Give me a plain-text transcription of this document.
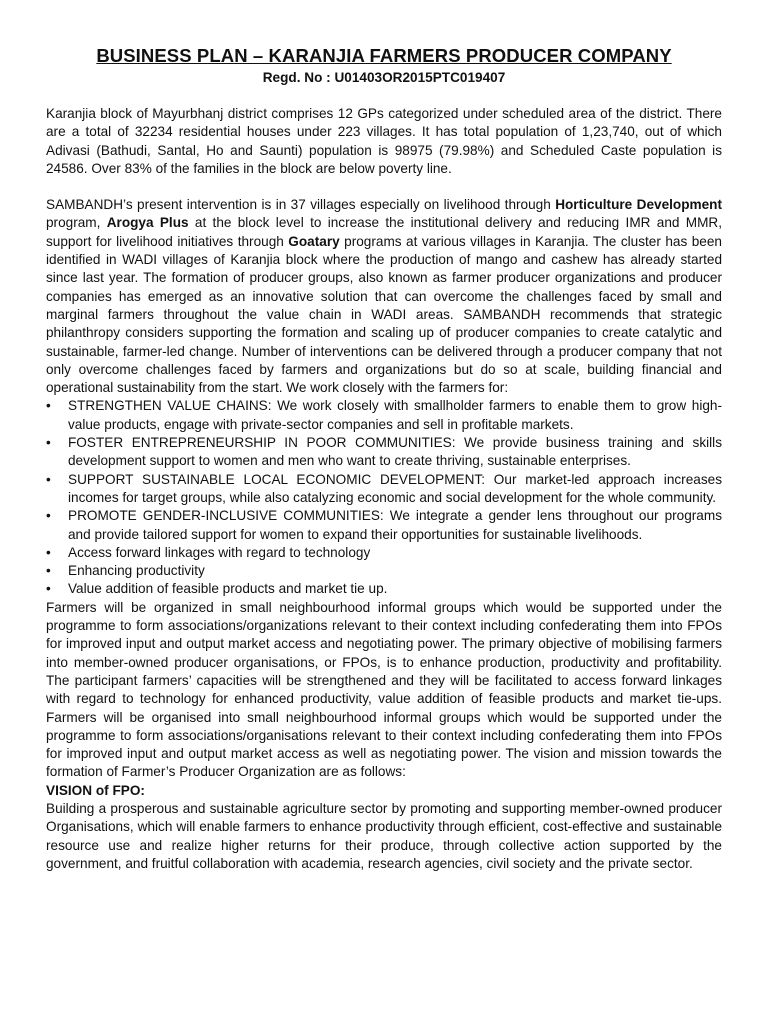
BUSINESS PLAN – KARANJIA FARMERS PRODUCER COMPANY
Regd. No : U01403OR2015PTC019407

Karanjia block of Mayurbhanj district comprises 12 GPs categorized under scheduled area of the district. There are a total of 32234 residential houses under 223 villages. It has total population of 1,23,740, out of which Adivasi (Bathudi, Santal, Ho and Saunti) population is 98975 (79.98%) and Scheduled Caste population is 24586. Over 83% of the families in the block are below poverty line.

SAMBANDH’s present intervention is in 37 villages especially on livelihood through Horticulture Development program, Arogya Plus at the block level to increase the institutional delivery and reducing IMR and MMR, support for livelihood initiatives through Goatary programs at various villages in Karanjia. The cluster has been identified in WADI villages of Karanjia block where the production of mango and cashew has already started since last year. The formation of producer groups, also known as farmer producer organizations and producer companies has emerged as an innovative solution that can overcome the challenges faced by small and marginal farmers throughout the value chain in WADI areas. SAMBANDH recommends that strategic philanthropy considers supporting the formation and scaling up of producer companies to create catalytic and sustainable, farmer-led change. Number of interventions can be delivered through a producer company that not only overcome challenges faced by farmers and organizations but do so at scale, building financial and operational sustainability from the start. We work closely with the farmers for:

•	STRENGTHEN VALUE CHAINS: We work closely with smallholder farmers to enable them to grow high-value products, engage with private-sector companies and sell in profitable markets.
•	FOSTER ENTREPRENEURSHIP IN POOR COMMUNITIES: We provide business training and skills development support to women and men who want to create thriving, sustainable enterprises.
•	SUPPORT SUSTAINABLE LOCAL ECONOMIC DEVELOPMENT: Our market-led approach increases incomes for target groups, while also catalyzing economic and social development for the whole community.
•	PROMOTE GENDER-INCLUSIVE COMMUNITIES: We integrate a gender lens throughout our programs and provide tailored support for women to expand their opportunities for sustainable livelihoods.
•	Access forward linkages with regard to technology
•	Enhancing productivity
•	Value addition of feasible products and market tie up.

Farmers will be organized in small neighbourhood informal groups which would be supported under the programme to form associations/organizations relevant to their context including confederating them into FPOs for improved input and output market access and negotiating power. The primary objective of mobilising farmers into member-owned producer organisations, or FPOs, is to enhance production, productivity and profitability. The participant farmers’ capacities will be strengthened and they will be facilitated to access forward linkages with regard to technology for enhanced productivity, value addition of feasible products and market tie-ups. Farmers will be organised into small neighbourhood informal groups which would be supported under the programme to form associations/organisations relevant to their context including confederating them into FPOs for improved input and output market access as well as negotiating power. The vision and mission towards the formation of Farmer’s Producer Organization are as follows:

VISION of FPO:

Building a prosperous and sustainable agriculture sector by promoting and supporting member-owned producer Organisations, which will enable farmers to enhance productivity through efficient, cost-effective and sustainable resource use and realize higher returns for their produce, through collective action supported by the government, and fruitful collaboration with academia, research agencies, civil society and the private sector.
